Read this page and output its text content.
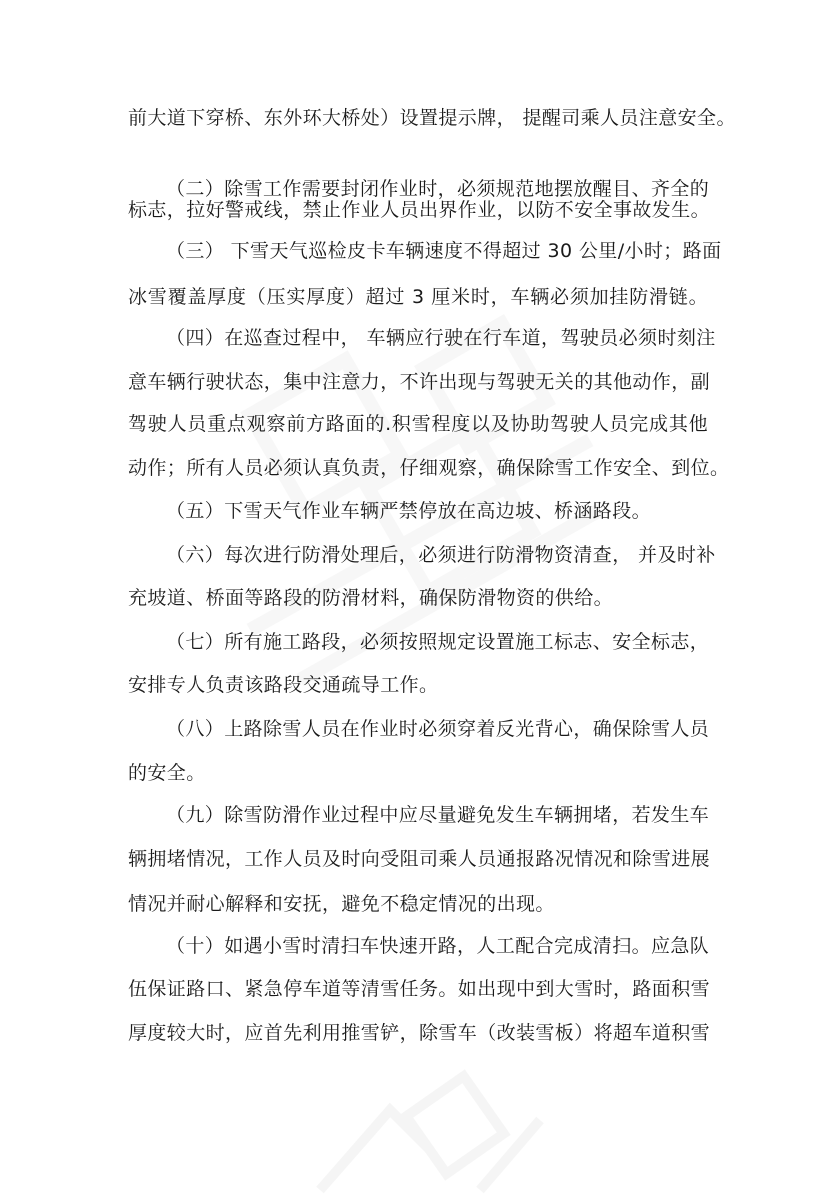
前大道下穿桥、东外环大桥处）设置提示牌， 提醒司乘人员注意安全。
（二）除雪工作需要封闭作业时，必须规范地摆放醒目、齐全的
标志，拉好警戒线，禁止作业人员出界作业，以防不安全事故发生。
（三） 下雪天气巡检皮卡车辆速度不得超过 30 公里/小时；路面
冰雪覆盖厚度（压实厚度）超过 3 厘米时，车辆必须加挂防滑链。
（四）在巡查过程中， 车辆应行驶在行车道，驾驶员必须时刻注
意车辆行驶状态，集中注意力，不许出现与驾驶无关的其他动作，副
驾驶人员重点观察前方路面的.积雪程度以及协助驾驶人员完成其他
动作；所有人员必须认真负责，仔细观察，确保除雪工作安全、到位。
（五）下雪天气作业车辆严禁停放在高边坡、桥涵路段。
（六）每次进行防滑处理后，必须进行防滑物资清查， 并及时补
充坡道、桥面等路段的防滑材料，确保防滑物资的供给。
（七）所有施工路段，必须按照规定设置施工标志、安全标志，
安排专人负责该路段交通疏导工作。
（八）上路除雪人员在作业时必须穿着反光背心，确保除雪人员
的安全。
（九）除雪防滑作业过程中应尽量避免发生车辆拥堵，若发生车
辆拥堵情况，工作人员及时向受阻司乘人员通报路况情况和除雪进展
情况并耐心解释和安抚，避免不稳定情况的出现。
（十）如遇小雪时清扫车快速开路，人工配合完成清扫。应急队
伍保证路口、紧急停车道等清雪任务。如出现中到大雪时，路面积雪
厚度较大时，应首先利用推雪铲，除雪车（改装雪板）将超车道积雪
